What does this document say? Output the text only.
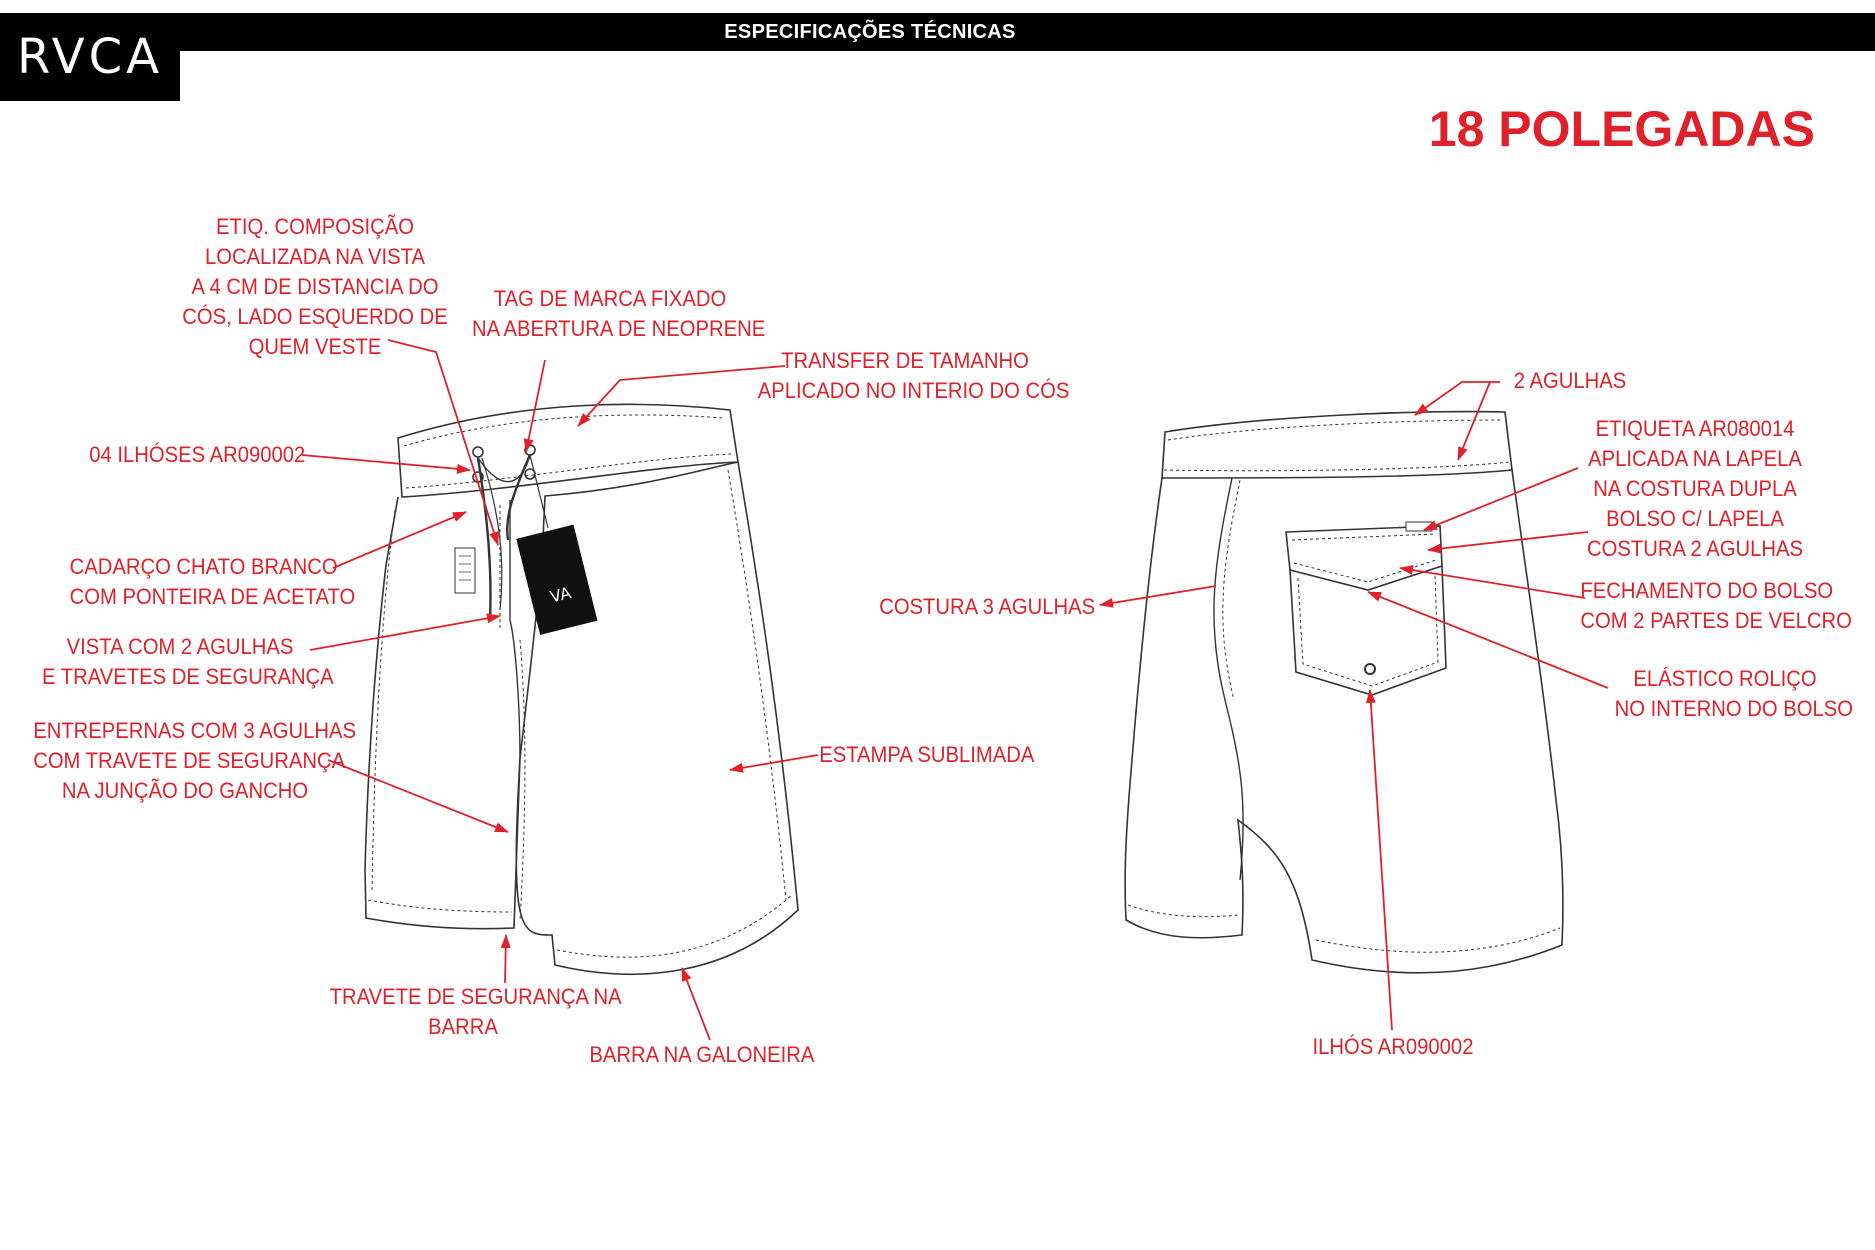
ESPECIFICAÇÕES TÉCNICAS
RVCA
18 POLEGADAS
VA
ETIQ. COMPOSIÇÃO
LOCALIZADA NA VISTA
A 4 CM DE DISTANCIA DO
CÓS, LADO ESQUERDO DE
QUEM VESTE
TAG DE MARCA FIXADO
NA ABERTURA DE NEOPRENE
TRANSFER DE TAMANHO
APLICADO NO INTERIO DO CÓS
04 ILHÓSES AR090002
CADARÇO CHATO BRANCO
COM PONTEIRA DE ACETATO
VISTA COM 2 AGULHAS
E TRAVETES DE SEGURANÇA
ENTREPERNAS COM 3 AGULHAS
COM TRAVETE DE SEGURANÇA
NA JUNÇÃO DO GANCHO
ESTAMPA SUBLIMADA
TRAVETE DE SEGURANÇA NA
BARRA
BARRA NA GALONEIRA
2 AGULHAS
ETIQUETA AR080014
APLICADA NA LAPELA
NA COSTURA DUPLA
BOLSO C/ LAPELA
COSTURA 2 AGULHAS
COSTURA 3 AGULHAS
FECHAMENTO DO BOLSO
COM 2 PARTES DE VELCRO
ELÁSTICO ROLIÇO
NO INTERNO DO BOLSO
ILHÓS AR090002
